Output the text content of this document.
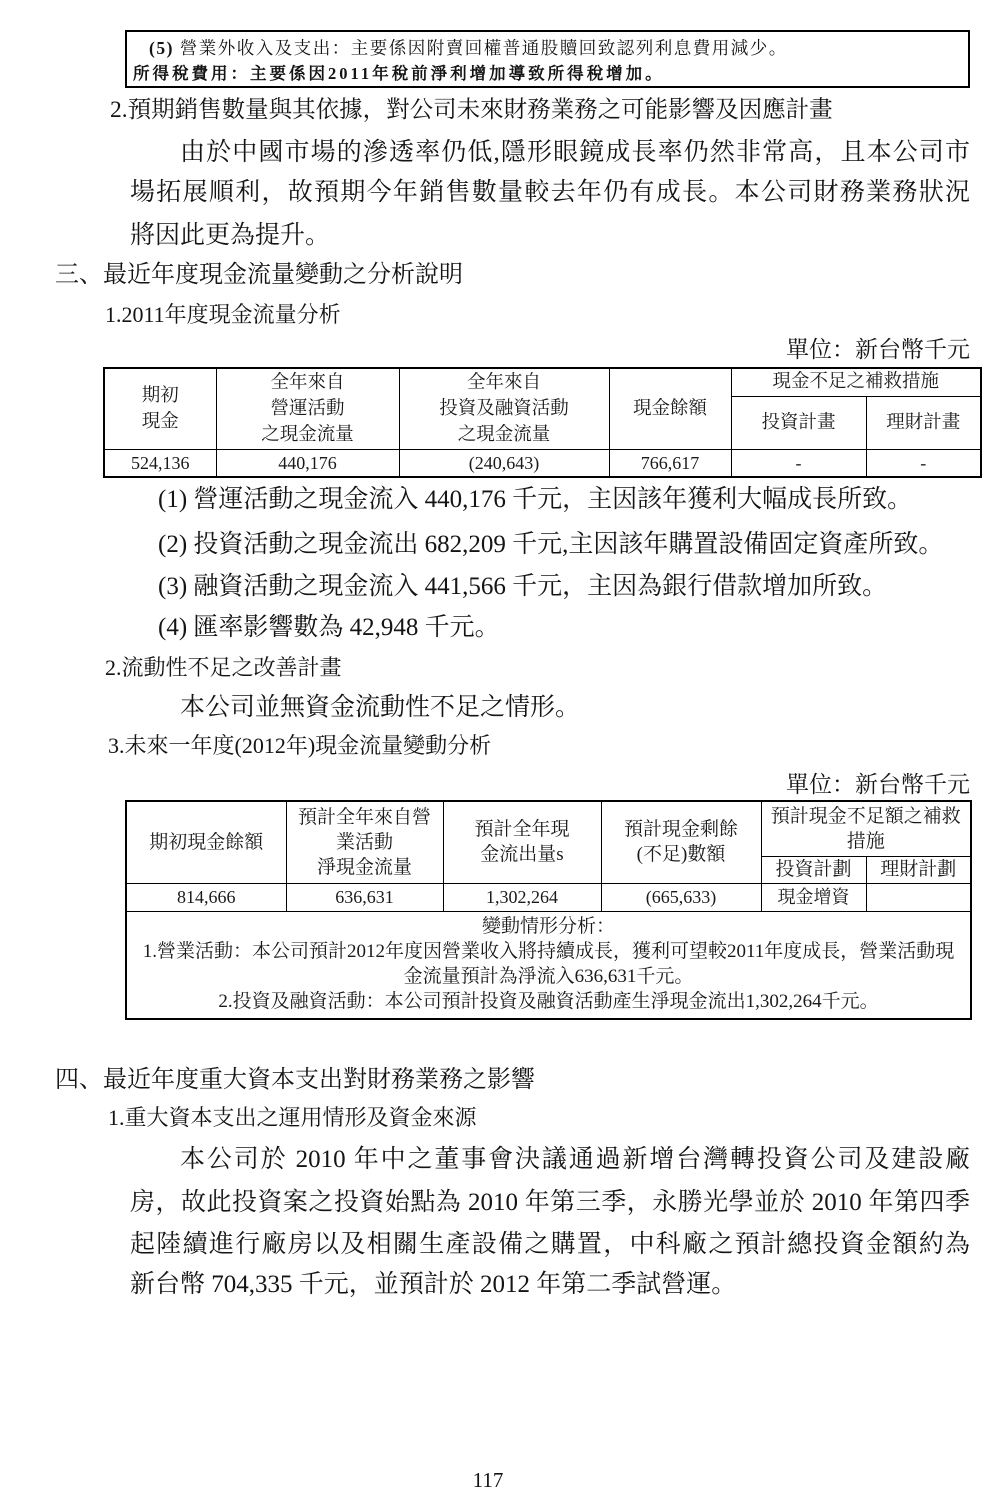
(5) 營業外收入及支出：主要係因附賣回權普通股贖回致認列利息費用減少。
所得稅費用：主要係因2011年稅前淨利增加導致所得稅增加。
2.預期銷售數量與其依據，對公司未來財務業務之可能影響及因應計畫
由於中國市場的滲透率仍低,隱形眼鏡成長率仍然非常高，且本公司市
場拓展順利，故預期今年銷售數量較去年仍有成長。本公司財務業務狀況
將因此更為提升。
三、最近年度現金流量變動之分析說明
1.2011年度現金流量分析
單位：新台幣千元
期初
現金	全年來自
營運活動
之現金流量	全年來自
投資及融資活動
之現金流量	現金餘額	現金不足之補救措施	
				投資計畫	理財計畫
524,136	440,176	(240,643)	766,617	-	-
(1) 營運活動之現金流入 440,176 千元，主因該年獲利大幅成長所致。
(2) 投資活動之現金流出 682,209 千元,主因該年購置設備固定資產所致。
(3) 融資活動之現金流入 441,566 千元，主因為銀行借款增加所致。
(4) 匯率影響數為 42,948 千元。
2.流動性不足之改善計畫
本公司並無資金流動性不足之情形。
3.未來一年度(2012年)現金流量變動分析
單位：新台幣千元
期初現金餘額	預計全年來自營
業活動
淨現金流量	預計全年現
金流出量s	預計現金剩餘
(不足)數額	預計現金不足額之補救
措施	
				投資計劃	理財計劃
814,666	636,631	1,302,264	(665,633)	現金增資	

變動情形分析：
1.營業活動：本公司預計2012年度因營業收入將持續成長，獲利可望較2011年度成長，營業活動現
金流量預計為淨流入636,631千元。
2.投資及融資活動：本公司預計投資及融資活動產生淨現金流出1,302,264千元。					
四、最近年度重大資本支出對財務業務之影響
1.重大資本支出之運用情形及資金來源
本公司於 2010 年中之董事會決議通過新增台灣轉投資公司及建設廠
房，故此投資案之投資始點為 2010 年第三季，永勝光學並於 2010 年第四季
起陸續進行廠房以及相關生產設備之購置，中科廠之預計總投資金額約為
新台幣 704,335 千元，並預計於 2012 年第二季試營運。
117
